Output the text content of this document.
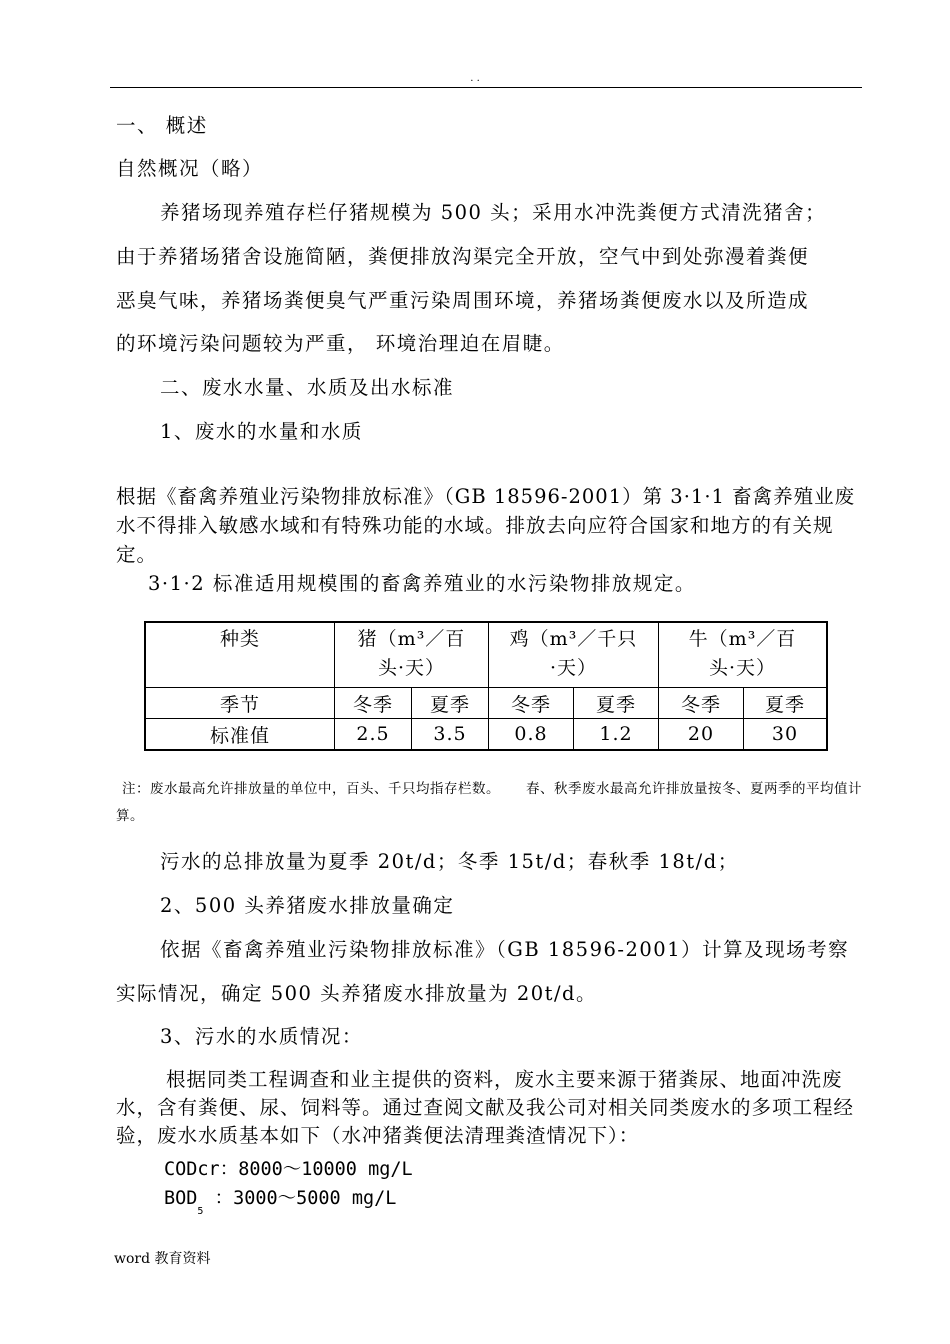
. .
一、 概述
自然概况（略）
养猪场现养殖存栏仔猪规模为 500 头；采用水冲洗粪便方式清洗猪舍；
由于养猪场猪舍设施简陋，粪便排放沟渠完全开放，空气中到处弥漫着粪便
恶臭气味，养猪场粪便臭气严重污染周围环境，养猪场粪便废水以及所造成
的环境污染问题较为严重， 环境治理迫在眉睫。
二、废水水量、水质及出水标准
1、废水的水量和水质
根据《畜禽养殖业污染物排放标准》（GB 18596-2001）第 3·1·1 畜禽养殖业废水不得排入敏感水域和有特殊功能的水域。排放去向应符合国家和地方的有关规定。
3·1·2 标准适用规模围的畜禽养殖业的水污染物排放规定。
种类	猪（m³／百头·天）		鸡（m³／千只·天）		牛（m³／百头·天）	
季节	冬季	夏季	冬季	夏季	冬季	夏季
标准值	2.5	3.5	0.8	1.2	20	30
注：废水最高允许排放量的单位中，百头、千只均指存栏数。 春、秋季废水最高允许排放量按冬、夏两季的平均值计算。
污水的总排放量为夏季 20t/d；冬季 15t/d；春秋季 18t/d；
2、500 头养猪废水排放量确定
依据《畜禽养殖业污染物排放标准》（GB 18596-2001）计算及现场考察
实际情况，确定 500 头养猪废水排放量为 20t/d。
3、污水的水质情况：
根据同类工程调查和业主提供的资料，废水主要来源于猪粪尿、地面冲洗废水，含有粪便、尿、饲料等。通过查阅文献及我公司对相关同类废水的多项工程经验，废水水质基本如下（水冲猪粪便法清理粪渣情况下）：
CODcr：8000～10000 mg/L
$BOD_5$ ：3000～5000 mg/L
word 教育资料
